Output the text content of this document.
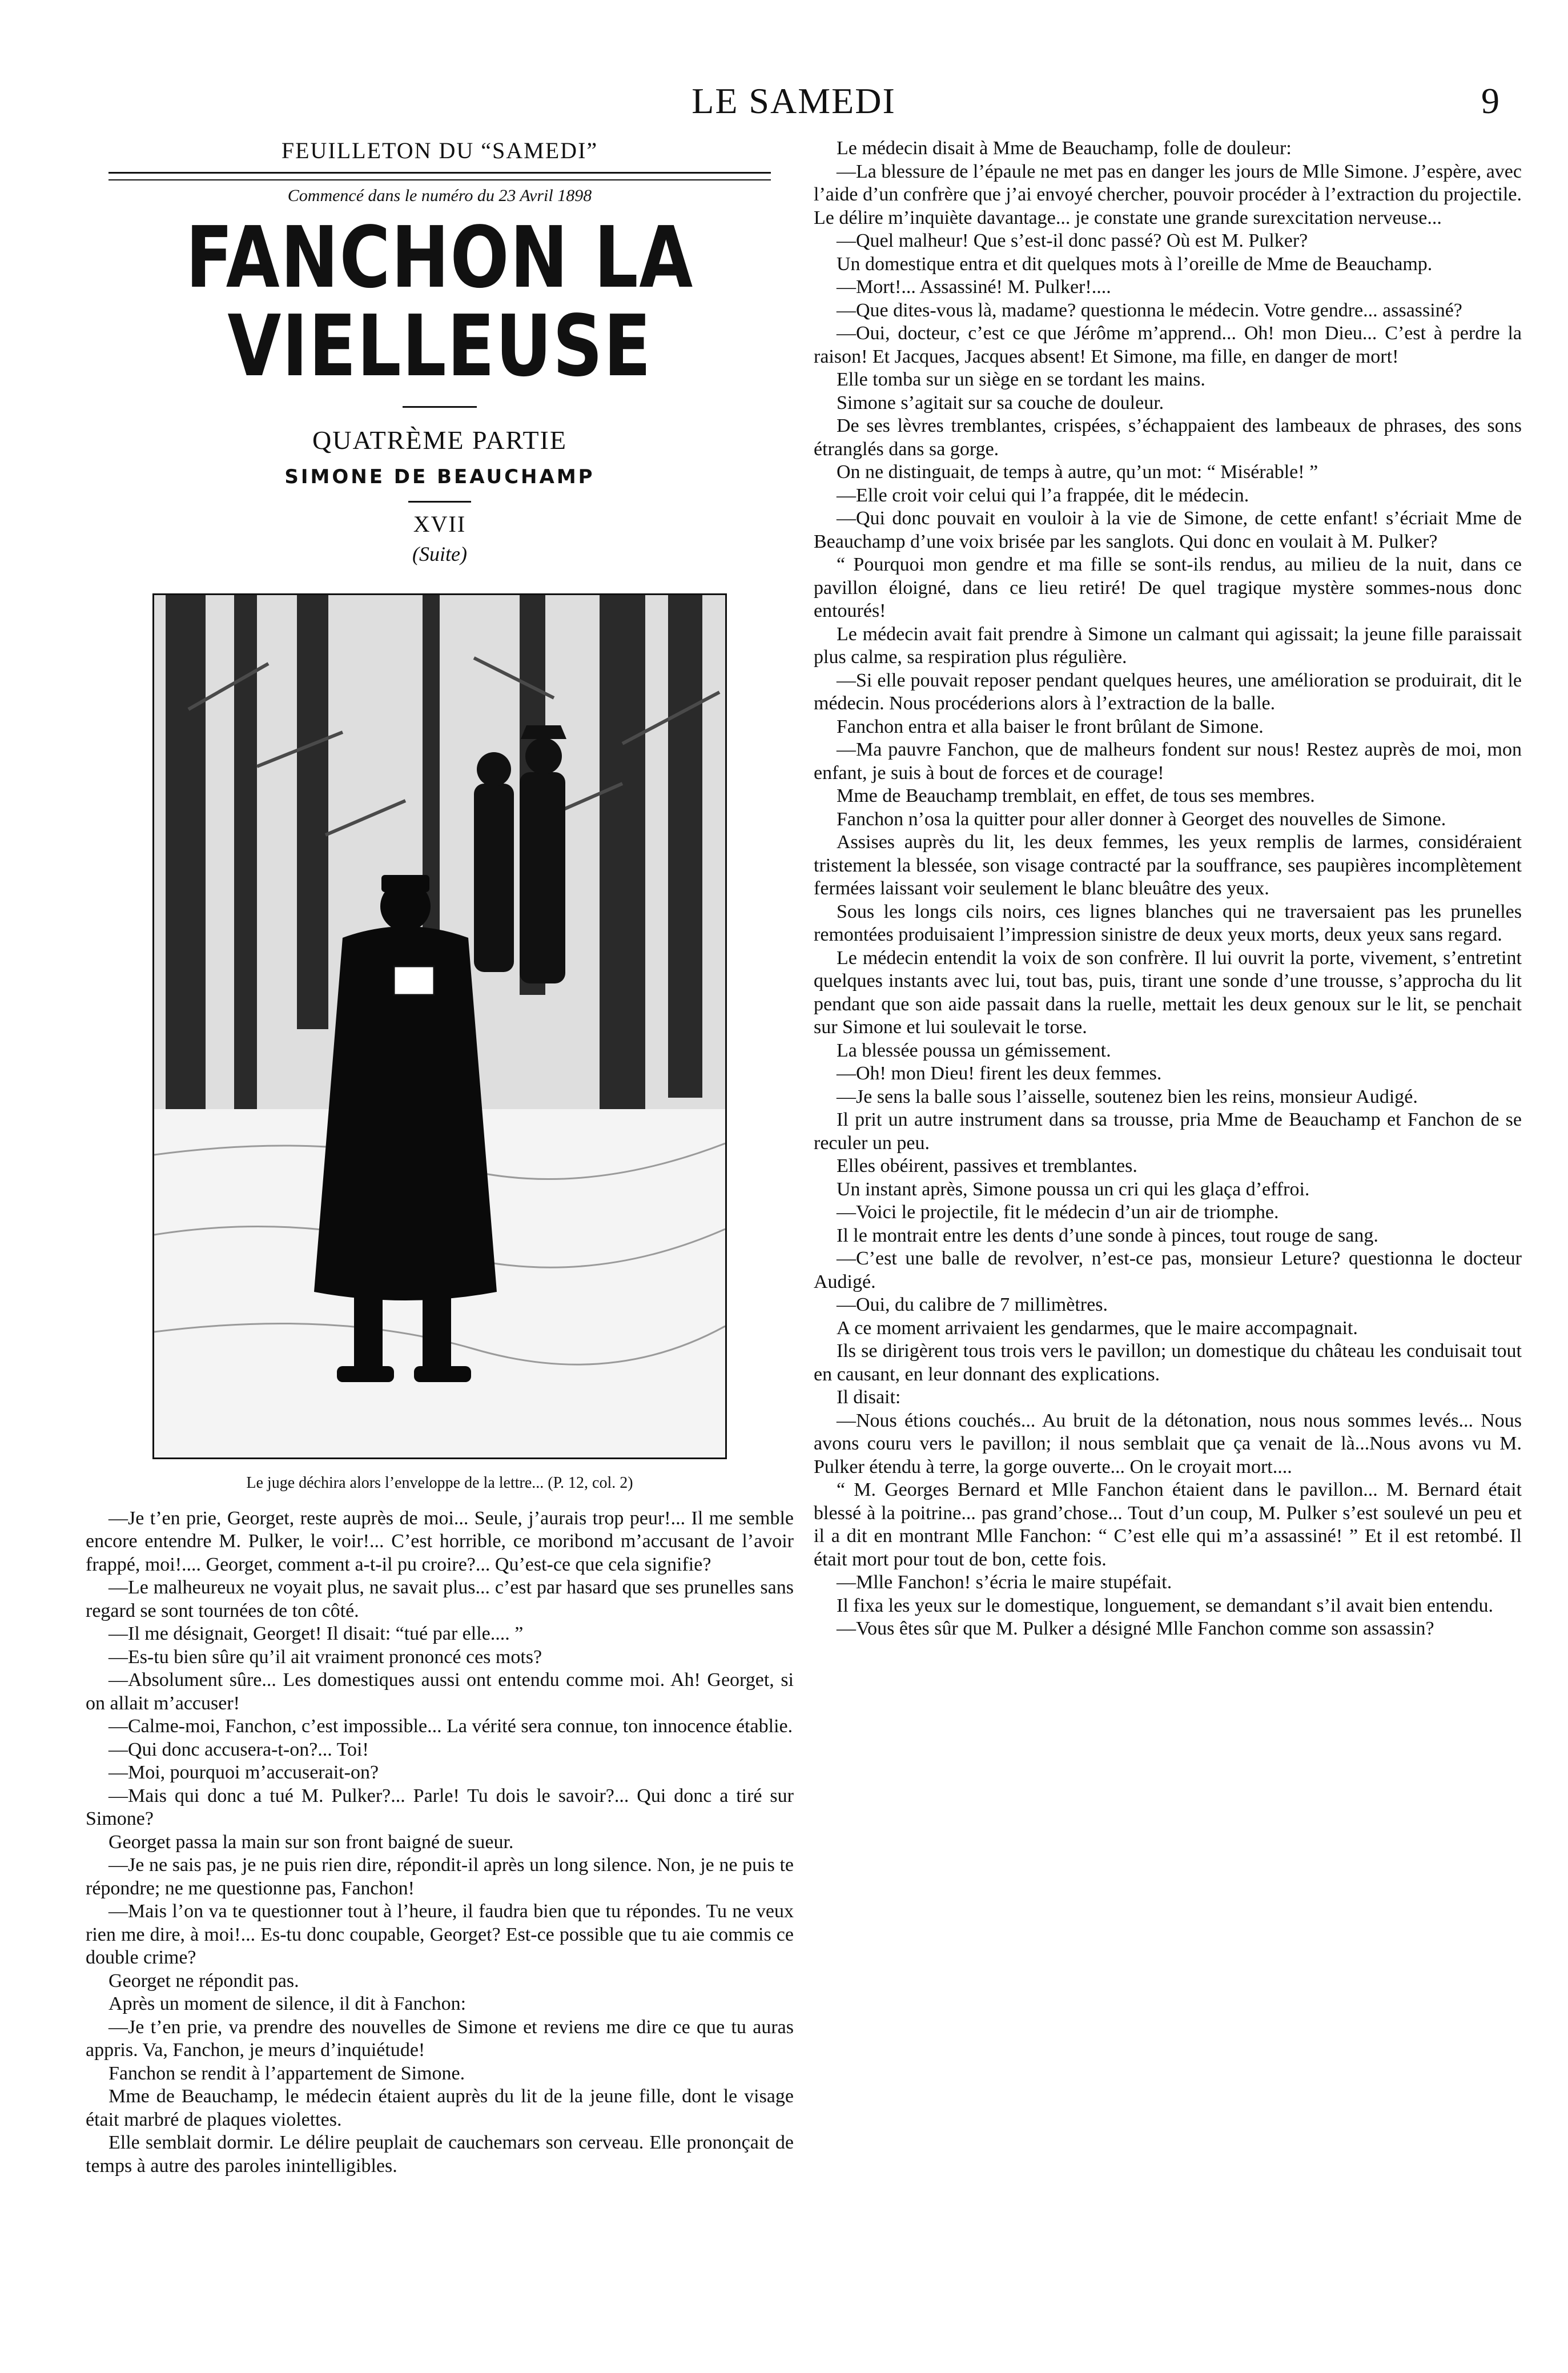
LE SAMEDI	9
FEUILLETON DU “SAMEDI”
Commencé dans le numéro du 23 Avril 1898
FANCHON LA VIELLEUSE
QUATRÈME PARTIE
SIMONE DE BEAUCHAMP
XVII
(Suite)
Le juge déchira alors l’enveloppe de la lettre... (P. 12, col. 2)

—Je t’en prie, Georget, reste auprès de moi... Seule, j’aurais trop peur!... Il me semble encore entendre M. Pulker, le voir!... C’est horrible, ce moribond m’accusant de l’avoir frappé, moi!.... Georget, comment a-t-il pu croire?... Qu’est-ce que cela signifie?

—Le malheureux ne voyait plus, ne savait plus... c’est par hasard que ses prunelles sans regard se sont tournées de ton côté.

—Il me désignait, Georget! Il disait: “tué par elle.... ”

—Es-tu bien sûre qu’il ait vraiment prononcé ces mots?

—Absolument sûre... Les domestiques aussi ont entendu comme moi. Ah! Georget, si on allait m’accuser!

—Calme-moi, Fanchon, c’est impossible... La vérité sera connue, ton innocence établie.

—Qui donc accusera-t-on?... Toi!

—Moi, pourquoi m’accuserait-on?

—Mais qui donc a tué M. Pulker?... Parle! Tu dois le savoir?... Qui donc a tiré sur Simone?

Georget passa la main sur son front baigné de sueur.

—Je ne sais pas, je ne puis rien dire, répondit-il après un long silence. Non, je ne puis te répondre; ne me questionne pas, Fanchon!

—Mais l’on va te questionner tout à l’heure, il faudra bien que tu répondes. Tu ne veux rien me dire, à moi!... Es-tu donc coupable, Georget? Est-ce possible que tu aie commis ce double crime?

Georget ne répondit pas.

Après un moment de silence, il dit à Fanchon:

—Je t’en prie, va prendre des nouvelles de Simone et reviens me dire ce que tu auras appris. Va, Fanchon, je meurs d’inquiétude!

Fanchon se rendit à l’appartement de Simone.

Mme de Beauchamp, le médecin étaient auprès du lit de la jeune fille, dont le visage était marbré de plaques violettes.

Elle semblait dormir. Le délire peuplait de cauchemars son cerveau. Elle prononçait de temps à autre des paroles inintelligibles.

Le médecin disait à Mme de Beauchamp, folle de douleur:

—La blessure de l’épaule ne met pas en danger les jours de Mlle Simone. J’espère, avec l’aide d’un confrère que j’ai envoyé chercher, pouvoir procéder à l’extraction du projectile. Le délire m’inquiète davantage... je constate une grande surexcitation nerveuse...

—Quel malheur! Que s’est-il donc passé? Où est M. Pulker?

Un domestique entra et dit quelques mots à l’oreille de Mme de Beauchamp.

—Mort!... Assassiné! M. Pulker!....

—Que dites-vous là, madame? questionna le médecin. Votre gendre... assassiné?

—Oui, docteur, c’est ce que Jérôme m’apprend... Oh! mon Dieu... C’est à perdre la raison! Et Jacques, Jacques absent! Et Simone, ma fille, en danger de mort!

Elle tomba sur un siège en se tordant les mains.

Simone s’agitait sur sa couche de douleur.

De ses lèvres tremblantes, crispées, s’échappaient des lambeaux de phrases, des sons étranglés dans sa gorge.

On ne distinguait, de temps à autre, qu’un mot: “ Misérable! ”

—Elle croit voir celui qui l’a frappée, dit le médecin.

—Qui donc pouvait en vouloir à la vie de Simone, de cette enfant! s’écriait Mme de Beauchamp d’une voix brisée par les sanglots. Qui donc en voulait à M. Pulker?

“ Pourquoi mon gendre et ma fille se sont-ils rendus, au milieu de la nuit, dans ce pavillon éloigné, dans ce lieu retiré! De quel tragique mystère sommes-nous donc entourés!

Le médecin avait fait prendre à Simone un calmant qui agissait; la jeune fille paraissait plus calme, sa respiration plus régulière.

—Si elle pouvait reposer pendant quelques heures, une amélioration se produirait, dit le médecin. Nous procéderions alors à l’extraction de la balle.

Fanchon entra et alla baiser le front brûlant de Simone.

—Ma pauvre Fanchon, que de malheurs fondent sur nous! Restez auprès de moi, mon enfant, je suis à bout de forces et de courage!

Mme de Beauchamp tremblait, en effet, de tous ses membres.

Fanchon n’osa la quitter pour aller donner à Georget des nouvelles de Simone.

Assises auprès du lit, les deux femmes, les yeux remplis de larmes, considéraient tristement la blessée, son visage contracté par la souffrance, ses paupières incomplètement fermées laissant voir seulement le blanc bleuâtre des yeux.

Sous les longs cils noirs, ces lignes blanches qui ne traversaient pas les prunelles remontées produisaient l’impression sinistre de deux yeux morts, deux yeux sans regard.

Le médecin entendit la voix de son confrère. Il lui ouvrit la porte, vivement, s’entretint quelques instants avec lui, tout bas, puis, tirant une sonde d’une trousse, s’approcha du lit pendant que son aide passait dans la ruelle, mettait les deux genoux sur le lit, se penchait sur Simone et lui soulevait le torse.

La blessée poussa un gémissement.

—Oh! mon Dieu! firent les deux femmes.

—Je sens la balle sous l’aisselle, soutenez bien les reins, monsieur Audigé.

Il prit un autre instrument dans sa trousse, pria Mme de Beauchamp et Fanchon de se reculer un peu.

Elles obéirent, passives et tremblantes.

Un instant après, Simone poussa un cri qui les glaça d’effroi.

—Voici le projectile, fit le médecin d’un air de triomphe.

Il le montrait entre les dents d’une sonde à pinces, tout rouge de sang.

—C’est une balle de revolver, n’est-ce pas, monsieur Leture? questionna le docteur Audigé.

—Oui, du calibre de 7 millimètres.

A ce moment arrivaient les gendarmes, que le maire accompagnait.

Ils se dirigèrent tous trois vers le pavillon; un domestique du château les conduisait tout en causant, en leur donnant des explications.

Il disait:

—Nous étions couchés... Au bruit de la détonation, nous nous sommes levés... Nous avons couru vers le pavillon; il nous semblait que ça venait de là...Nous avons vu M. Pulker étendu à terre, la gorge ouverte... On le croyait mort....

“ M. Georges Bernard et Mlle Fanchon étaient dans le pavillon... M. Bernard était blessé à la poitrine... pas grand’chose... Tout d’un coup, M. Pulker s’est soulevé un peu et il a dit en montrant Mlle Fanchon: “ C’est elle qui m’a assassiné! ” Et il est retombé. Il était mort pour tout de bon, cette fois.

—Mlle Fanchon! s’écria le maire stupéfait.

Il fixa les yeux sur le domestique, longuement, se demandant s’il avait bien entendu.

—Vous êtes sûr que M. Pulker a désigné Mlle Fanchon comme son assassin?
